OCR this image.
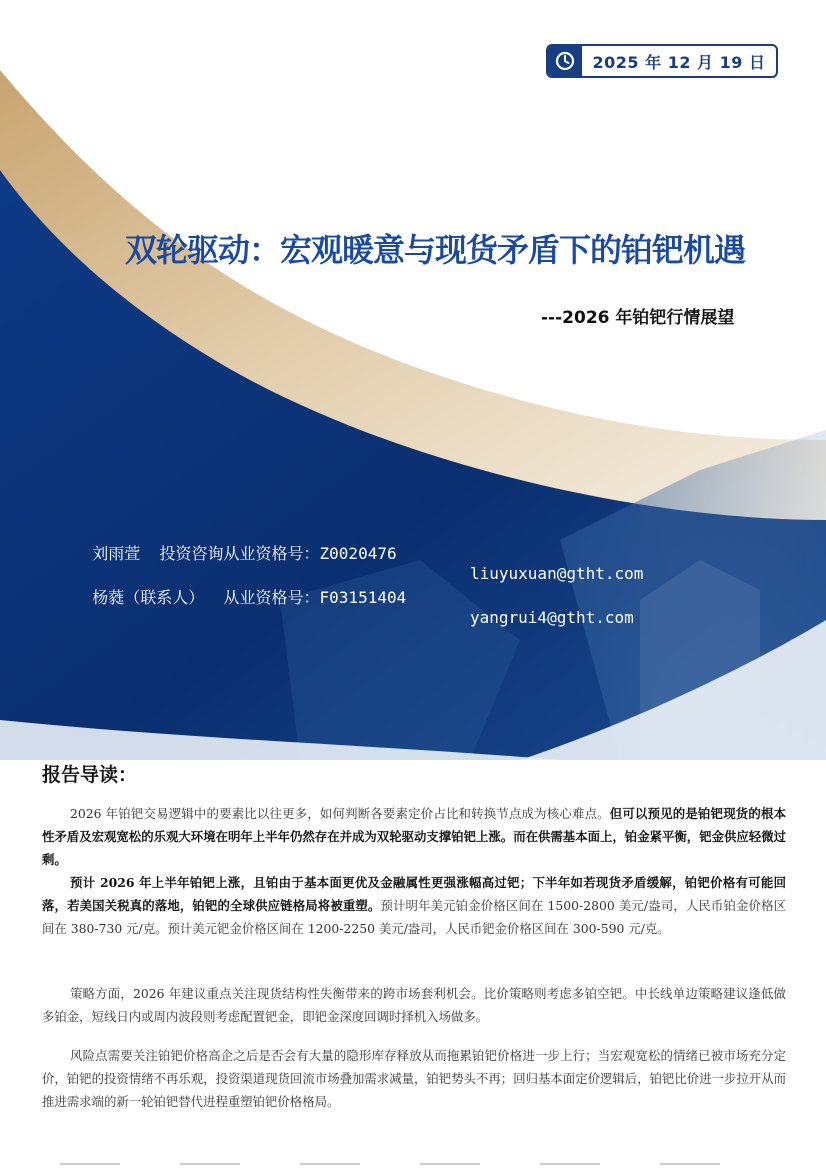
2025 年 12 月 19 日
双轮驱动：宏观暖意与现货矛盾下的铂钯机遇
---2026 年铂钯行情展望

刘雨萱  投资咨询从业资格号：Z0020476

liuyuxuan@gtht.com

杨蕤（联系人）  从业资格号：F03151404

yangrui4@gtht.com

报告导读：

2026 年铂钯交易逻辑中的要素比以往更多，如何判断各要素定价占比和转换节点成为核心难点。但可以预见的是铂钯现货的根本性矛盾及宏观宽松的乐观大环境在明年上半年仍然存在并成为双轮驱动支撑铂钯上涨。而在供需基本面上，铂金紧平衡，钯金供应轻微过剩。

预计 2026 年上半年铂钯上涨，且铂由于基本面更优及金融属性更强涨幅高过钯；下半年如若现货矛盾缓解，铂钯价格有可能回落，若美国关税真的落地，铂钯的全球供应链格局将被重塑。预计明年美元铂金价格区间在 1500-2800 美元/盎司，人民币铂金价格区间在 380-730 元/克。预计美元钯金价格区间在 1200-2250 美元/盎司，人民币钯金价格区间在 300-590 元/克。

策略方面，2026 年建议重点关注现货结构性失衡带来的跨市场套利机会。比价策略则考虑多铂空钯。中长线单边策略建议逢低做多铂金，短线日内或周内波段则考虑配置钯金，即钯金深度回调时择机入场做多。

风险点需要关注铂钯价格高企之后是否会有大量的隐形库存释放从而拖累铂钯价格进一步上行；当宏观宽松的情绪已被市场充分定价，铂钯的投资情绪不再乐观，投资渠道现货回流市场叠加需求减量，铂钯势头不再；回归基本面定价逻辑后，铂钯比价进一步拉开从而推进需求端的新一轮铂钯替代进程重塑铂钯价格格局。
